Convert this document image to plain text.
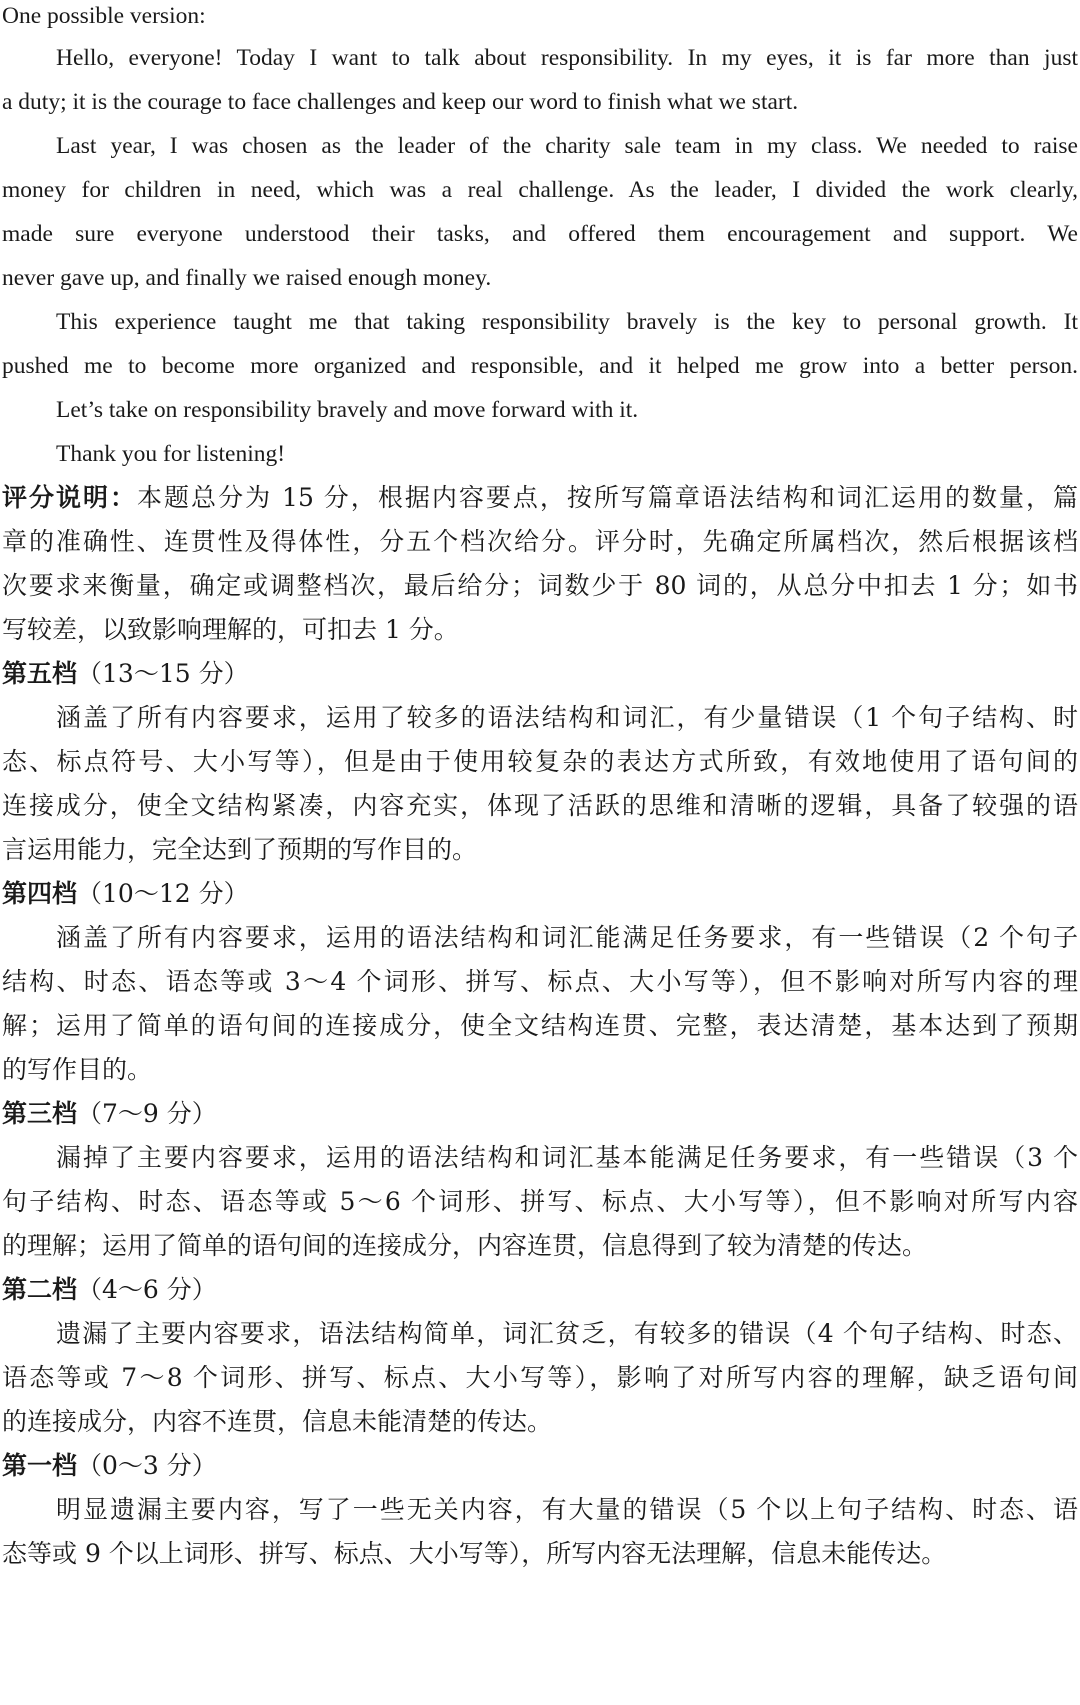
One possible version:
Hello, everyone! Today I want to talk about responsibility. In my eyes, it is far more than just
a duty; it is the courage to face challenges and keep our word to finish what we start.
Last year, I was chosen as the leader of the charity sale team in my class. We needed to raise
money for children in need, which was a real challenge. As the leader, I divided the work clearly,
made sure everyone understood their tasks, and offered them encouragement and support. We
never gave up, and finally we raised enough money.
This experience taught me that taking responsibility bravely is the key to personal growth. It
pushed me to become more organized and responsible, and it helped me grow into a better person.
Let’s take on responsibility bravely and move forward with it.
Thank you for listening!
评分说明：本题总分为 15 分，根据内容要点，按所写篇章语法结构和词汇运用的数量，篇
章的准确性、连贯性及得体性，分五个档次给分。评分时，先确定所属档次，然后根据该档
次要求来衡量，确定或调整档次，最后给分；词数少于 80 词的，从总分中扣去 1 分；如书
写较差，以致影响理解的，可扣去 1 分。
第五档（13～15 分）
涵盖了所有内容要求，运用了较多的语法结构和词汇，有少量错误（1 个句子结构、时
态、标点符号、大小写等），但是由于使用较复杂的表达方式所致，有效地使用了语句间的
连接成分，使全文结构紧凑，内容充实，体现了活跃的思维和清晰的逻辑，具备了较强的语
言运用能力，完全达到了预期的写作目的。
第四档（10～12 分）
涵盖了所有内容要求，运用的语法结构和词汇能满足任务要求，有一些错误（2 个句子
结构、时态、语态等或 3～4 个词形、拼写、标点、大小写等），但不影响对所写内容的理
解；运用了简单的语句间的连接成分，使全文结构连贯、完整，表达清楚，基本达到了预期
的写作目的。
第三档（7～9 分）
漏掉了主要内容要求，运用的语法结构和词汇基本能满足任务要求，有一些错误（3 个
句子结构、时态、语态等或 5～6 个词形、拼写、标点、大小写等），但不影响对所写内容
的理解；运用了简单的语句间的连接成分，内容连贯，信息得到了较为清楚的传达。
第二档（4～6 分）
遗漏了主要内容要求，语法结构简单，词汇贫乏，有较多的错误（4 个句子结构、时态、
语态等或 7～8 个词形、拼写、标点、大小写等），影响了对所写内容的理解，缺乏语句间
的连接成分，内容不连贯，信息未能清楚的传达。
第一档（0～3 分）
明显遗漏主要内容，写了一些无关内容，有大量的错误（5 个以上句子结构、时态、语
态等或 9 个以上词形、拼写、标点、大小写等），所写内容无法理解，信息未能传达。
